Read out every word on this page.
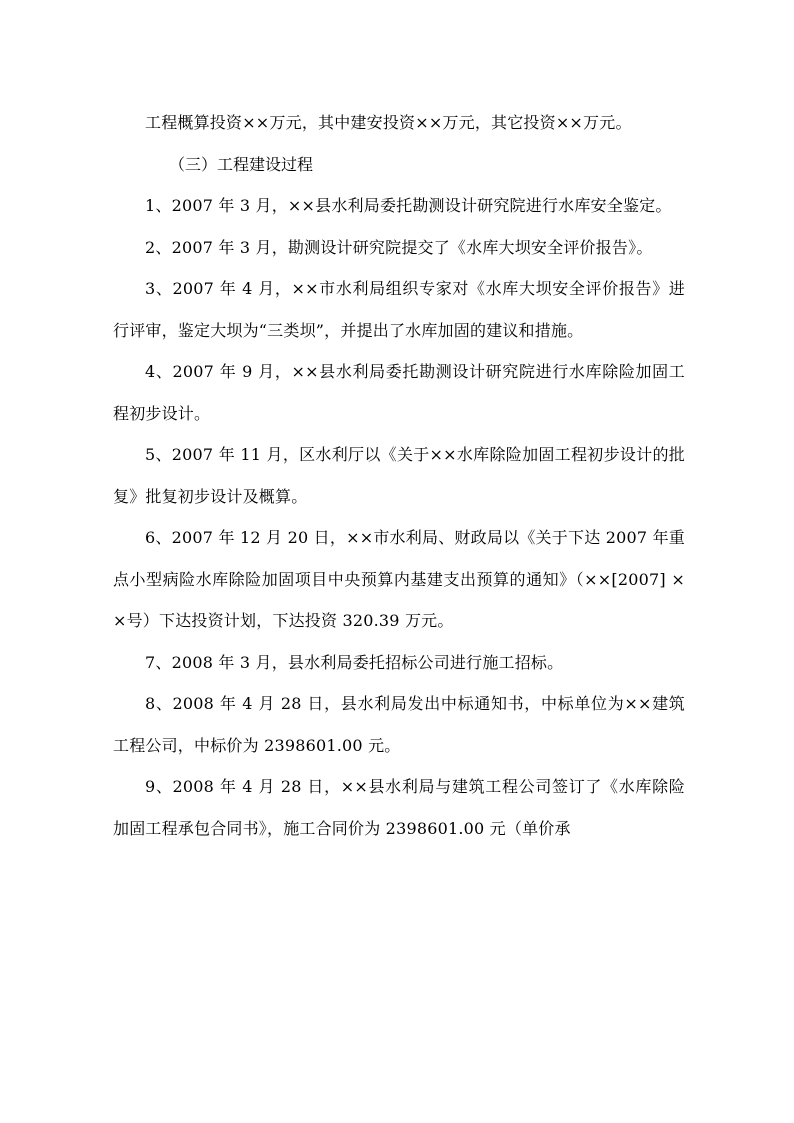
工程概算投资××万元，其中建安投资××万元，其它投资××万元。

（三）工程建设过程

1、2007 年 3 月，××县水利局委托勘测设计研究院进行水库安全鉴定。

2、2007 年 3 月，勘测设计研究院提交了《水库大坝安全评价报告》。

3、2007 年 4 月，××市水利局组织专家对《水库大坝安全评价报告》进行评审，鉴定大坝为“三类坝”，并提出了水库加固的建议和措施。

4、2007 年 9 月，××县水利局委托勘测设计研究院进行水库除险加固工程初步设计。

5、2007 年 11 月，区水利厅以《关于××水库除险加固工程初步设计的批复》批复初步设计及概算。

6、2007 年 12 月 20 日，××市水利局、财政局以《关于下达 2007 年重点小型病险水库除险加固项目中央预算内基建支出预算的通知》（××[2007] ××号）下达投资计划，下达投资 320.39 万元。

7、2008 年 3 月，县水利局委托招标公司进行施工招标。

8、2008 年 4 月 28 日，县水利局发出中标通知书，中标单位为××建筑工程公司，中标价为 2398601.00 元。

9、2008 年 4 月 28 日，××县水利局与建筑工程公司签订了《水库除险加固工程承包合同书》，施工合同价为 2398601.00 元（单价承
